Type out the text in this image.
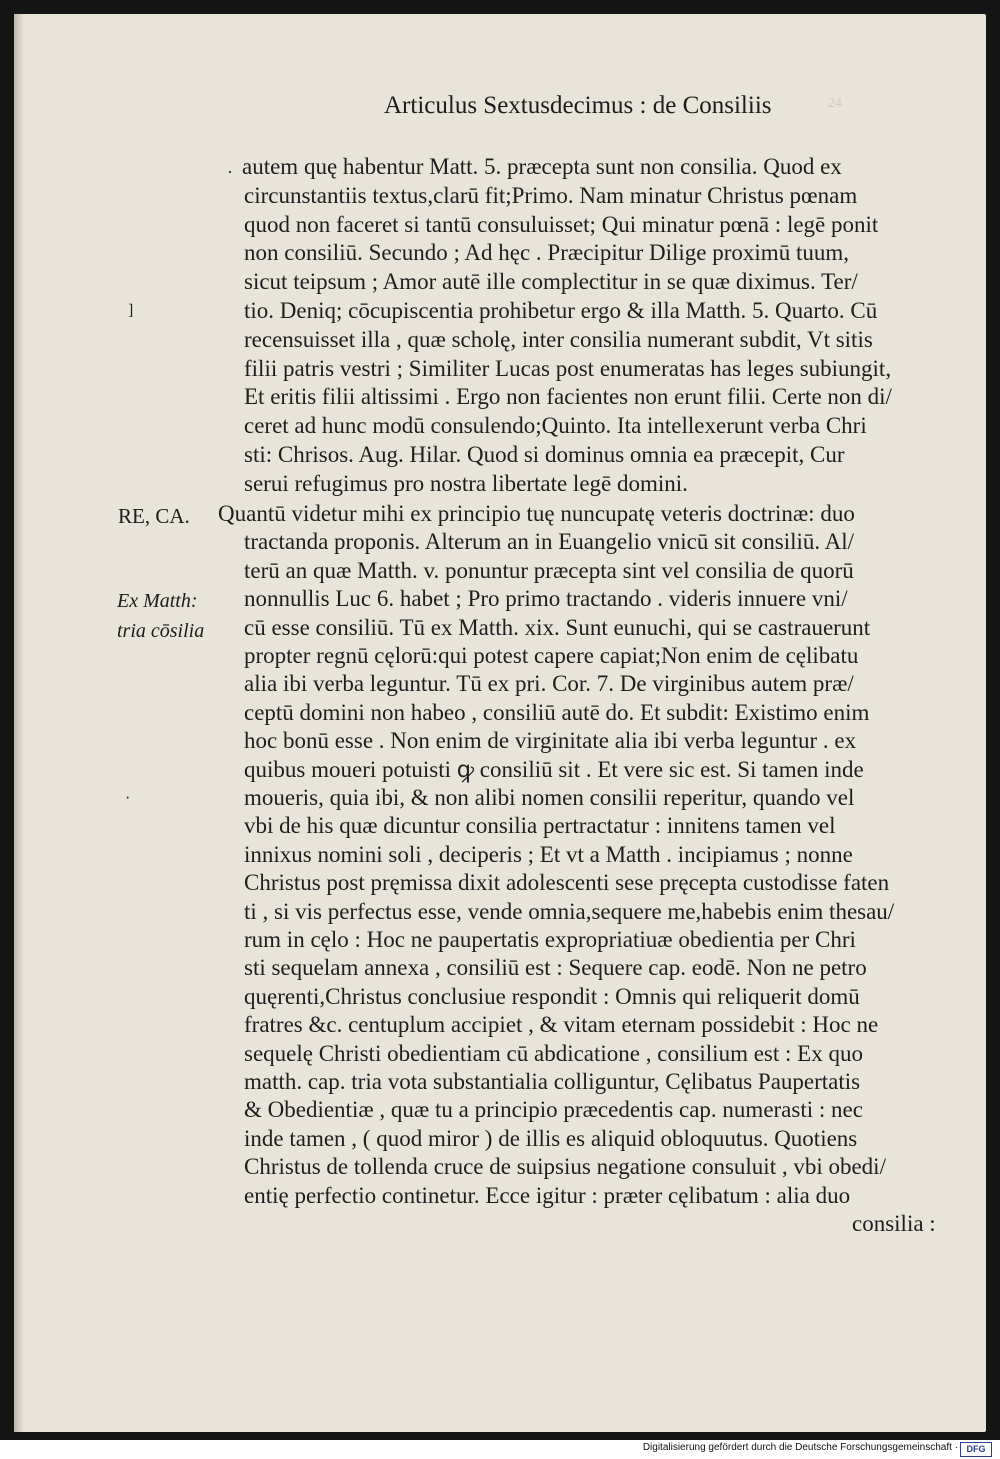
Articulus Sextusdecimus : de Consiliis	24
·
]
RE, CA.
Ex Matth:
tria cōsilia
·
autem quę habentur Matt. 5. præcepta sunt non consilia. Quod ex
circunstantiis textus,clarū fit;Primo. Nam minatur Christus pœnam
quod non faceret si tantū consuluisset; Qui minatur pœnā : legē ponit
non consiliū. Secundo ; Ad hęc . Præcipitur Dilige proximū tuum,
sicut teipsum ; Amor autē ille complectitur in se quæ diximus. Ter/
tio. Deniq; cōcupiscentia prohibetur ergo & illa Matth. 5. Quarto. Cū
recensuisset illa , quæ scholę, inter consilia numerant subdit, Vt sitis
filii patris vestri ; Similiter Lucas post enumeratas has leges subiungit,
Et eritis filii altissimi . Ergo non facientes non erunt filii. Certe non di/
ceret ad hunc modū consulendo;Quinto. Ita intellexerunt verba Chri
sti: Chrisos. Aug. Hilar. Quod si dominus omnia ea præcepit, Cur
serui refugimus pro nostra libertate legē domini.
Quantū videtur mihi ex principio tuę nuncupatę veteris doctrinæ: duo
tractanda proponis. Alterum an in Euangelio vnicū sit consiliū. Al/
terū an quæ Matth. v. ponuntur præcepta sint vel consilia de quorū
nonnullis Luc 6. habet ; Pro primo tractando . videris innuere vni/
cū esse consiliū. Tū ex Matth. xix. Sunt eunuchi, qui se castrauerunt
propter regnū cęlorū:qui potest capere capiat;Non enim de cęlibatu
alia ibi verba leguntur. Tū ex pri. Cor. 7. De virginibus autem præ/
ceptū domini non habeo , consiliū autē do. Et subdit: Existimo enim
hoc bonū esse . Non enim de virginitate alia ibi verba leguntur . ex
quibus moueri potuisti ꝙ consiliū sit . Et vere sic est. Si tamen inde
moueris, quia ibi, & non alibi nomen consilii reperitur, quando vel
vbi de his quæ dicuntur consilia pertractatur : innitens tamen vel
innixus nomini soli , deciperis ; Et vt a Matth . incipiamus ; nonne
Christus post pręmissa dixit adolescenti sese pręcepta custodisse faten
ti , si vis perfectus esse, vende omnia,sequere me,habebis enim thesau/
rum in cęlo : Hoc ne paupertatis expropriatiuæ obedientia per Chri
sti sequelam annexa , consiliū est : Sequere cap. eodē. Non ne petro
quęrenti,Christus conclusiue respondit : Omnis qui reliquerit domū
fratres &c. centuplum accipiet , & vitam eternam possidebit : Hoc ne
sequelę Christi obedientiam cū abdicatione , consilium est : Ex quo
matth. cap. tria vota substantialia colliguntur, Cęlibatus Paupertatis
& Obedientiæ , quæ tu a principio præcedentis cap. numerasti : nec
inde tamen , ( quod miror ) de illis es aliquid obloquutus. Quotiens
Christus de tollenda cruce de suipsius negatione consuluit , vbi obedi/
entię perfectio continetur. Ecce igitur : præter cęlibatum : alia duo
consilia :
Digitalisierung gefördert durch die Deutsche Forschungsgemeinschaft · DFG
